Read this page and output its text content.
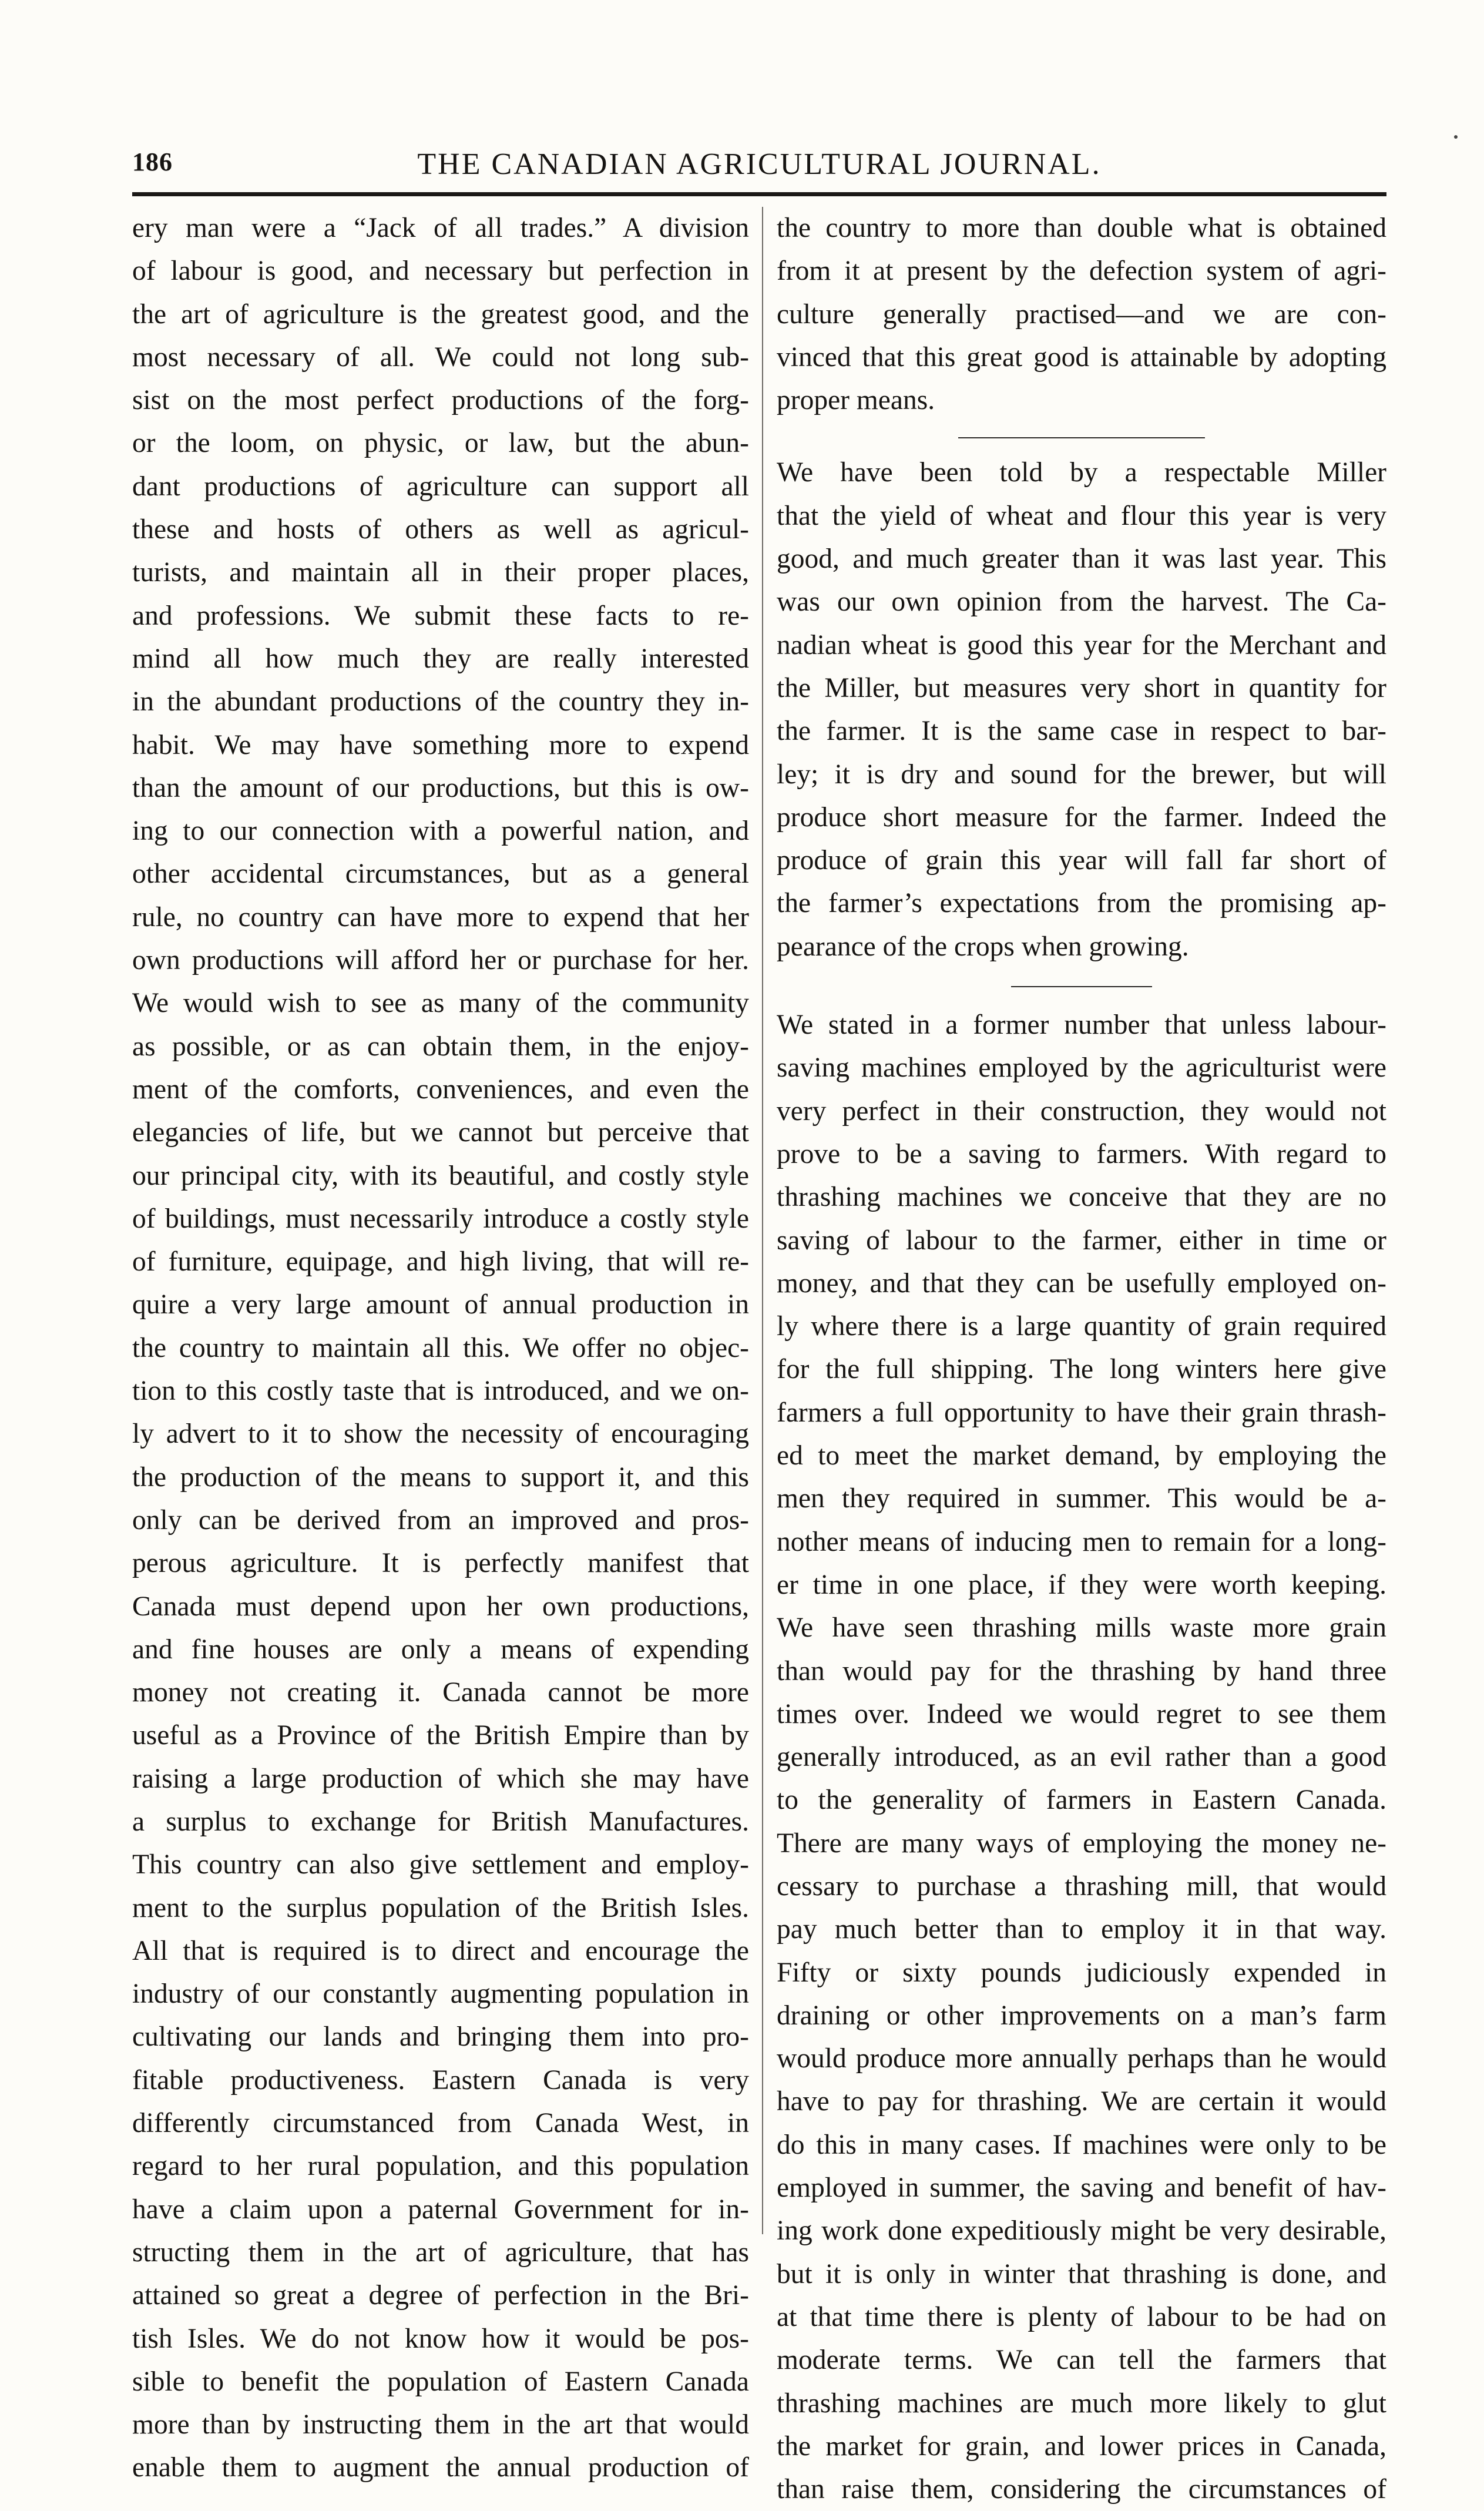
186	THE CANADIAN AGRICULTURAL JOURNAL.

ery man were a “Jack of all trades.” A division

of labour is good, and necessary but perfection in

the art of agriculture is the greatest good, and the

most necessary of all. We could not long sub-

sist on the most perfect productions of the forg-

or the loom, on physic, or law, but the abun-

dant productions of agriculture can support all

these and hosts of others as well as agricul-

turists, and maintain all in their proper places,

and professions. We submit these facts to re-

mind all how much they are really interested

in the abundant productions of the country they in-

habit. We may have something more to expend

than the amount of our productions, but this is ow-

ing to our connection with a powerful nation, and

other accidental circumstances, but as a general

rule, no country can have more to expend that her

own productions will afford her or purchase for her.

We would wish to see as many of the community

as possible, or as can obtain them, in the enjoy-

ment of the comforts, conveniences, and even the

elegancies of life, but we cannot but perceive that

our principal city, with its beautiful, and costly style

of buildings, must necessarily introduce a costly style

of furniture, equipage, and high living, that will re-

quire a very large amount of annual production in

the country to maintain all this. We offer no objec-

tion to this costly taste that is introduced, and we on-

ly advert to it to show the necessity of encouraging

the production of the means to support it, and this

only can be derived from an improved and pros-

perous agriculture. It is perfectly manifest that

Canada must depend upon her own productions,

and fine houses are only a means of expending

money not creating it. Canada cannot be more

useful as a Province of the British Empire than by

raising a large production of which she may have

a surplus to exchange for British Manufactures.

This country can also give settlement and employ-

ment to the surplus population of the British Isles.

All that is required is to direct and encourage the

industry of our constantly augmenting population in

cultivating our lands and bringing them into pro-

fitable productiveness. Eastern Canada is very

differently circumstanced from Canada West, in

regard to her rural population, and this population

have a claim upon a paternal Government for in-

structing them in the art of agriculture, that has

attained so great a degree of perfection in the Bri-

tish Isles. We do not know how it would be pos-

sible to benefit the population of Eastern Canada

more than by instructing them in the art that would

enable them to augment the annual production of

the country to more than double what is obtained

from it at present by the defection system of agri-

culture generally practised—and we are con-

vinced that this great good is attainable by adopting

proper means.

We have been told by a respectable Miller

that the yield of wheat and flour this year is very

good, and much greater than it was last year. This

was our own opinion from the harvest. The Ca-

nadian wheat is good this year for the Merchant and

the Miller, but measures very short in quantity for

the farmer. It is the same case in respect to bar-

ley; it is dry and sound for the brewer, but will

produce short measure for the farmer. Indeed the

produce of grain this year will fall far short of

the farmer’s expectations from the promising ap-

pearance of the crops when growing.

We stated in a former number that unless labour-

saving machines employed by the agriculturist were

very perfect in their construction, they would not

prove to be a saving to farmers. With regard to

thrashing machines we conceive that they are no

saving of labour to the farmer, either in time or

money, and that they can be usefully employed on-

ly where there is a large quantity of grain required

for the full shipping. The long winters here give

farmers a full opportunity to have their grain thrash-

ed to meet the market demand, by employing the

men they required in summer. This would be a-

nother means of inducing men to remain for a long-

er time in one place, if they were worth keeping.

We have seen thrashing mills waste more grain

than would pay for the thrashing by hand three

times over. Indeed we would regret to see them

generally introduced, as an evil rather than a good

to the generality of farmers in Eastern Canada.

There are many ways of employing the money ne-

cessary to purchase a thrashing mill, that would

pay much better than to employ it in that way.

Fifty or sixty pounds judiciously expended in

draining or other improvements on a man’s farm

would produce more annually perhaps than he would

have to pay for thrashing. We are certain it would

do this in many cases. If machines were only to be

employed in summer, the saving and benefit of hav-

ing work done expeditiously might be very desirable,

but it is only in winter that thrashing is done, and

at that time there is plenty of labour to be had on

moderate terms. We can tell the farmers that

thrashing machines are much more likely to glut

the market for grain, and lower prices in Canada,

than raise them, considering the circumstances of
